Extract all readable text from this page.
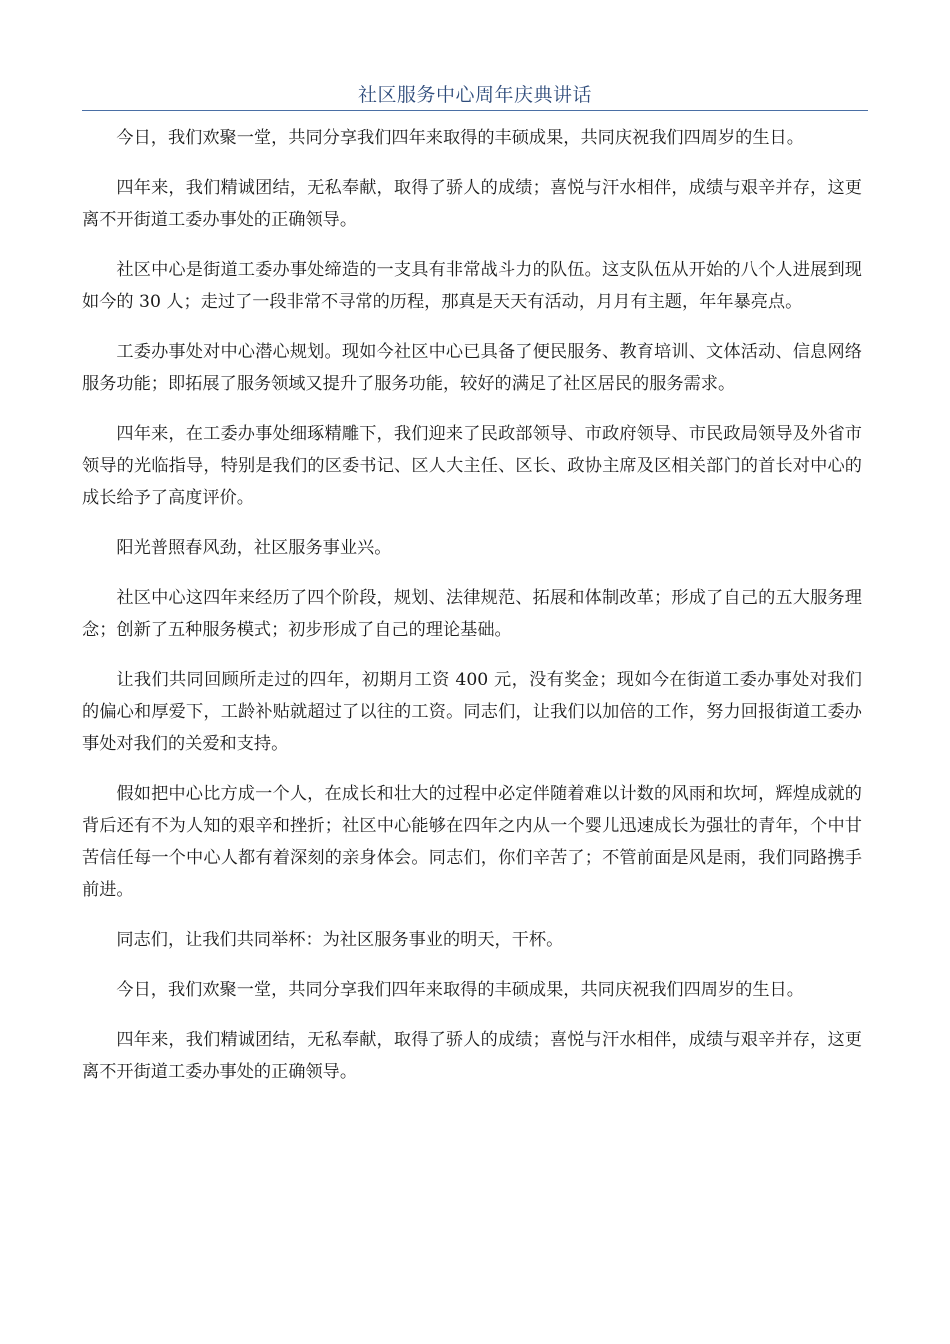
社区服务中心周年庆典讲话

今日，我们欢聚一堂，共同分享我们四年来取得的丰硕成果，共同庆祝我们四周岁的生日。

四年来，我们精诚团结，无私奉献，取得了骄人的成绩；喜悦与汗水相伴，成绩与艰辛并存，这更离不开街道工委办事处的正确领导。

社区中心是街道工委办事处缔造的一支具有非常战斗力的队伍。这支队伍从开始的八个人进展到现如今的 30 人；走过了一段非常不寻常的历程，那真是天天有活动，月月有主题，年年暴亮点。

工委办事处对中心潜心规划。现如今社区中心已具备了便民服务、教育培训、文体活动、信息网络服务功能；即拓展了服务领域又提升了服务功能，较好的满足了社区居民的服务需求。

四年来，在工委办事处细琢精雕下，我们迎来了民政部领导、市政府领导、市民政局领导及外省市领导的光临指导，特别是我们的区委书记、区人大主任、区长、政协主席及区相关部门的首长对中心的成长给予了高度评价。

阳光普照春风劲，社区服务事业兴。

社区中心这四年来经历了四个阶段，规划、法律规范、拓展和体制改革；形成了自己的五大服务理念；创新了五种服务模式；初步形成了自己的理论基础。

让我们共同回顾所走过的四年，初期月工资 400 元，没有奖金；现如今在街道工委办事处对我们的偏心和厚爱下，工龄补贴就超过了以往的工资。同志们，让我们以加倍的工作，努力回报街道工委办事处对我们的关爱和支持。

假如把中心比方成一个人，在成长和壮大的过程中必定伴随着难以计数的风雨和坎坷，辉煌成就的背后还有不为人知的艰辛和挫折；社区中心能够在四年之内从一个婴儿迅速成长为强壮的青年，个中甘苦信任每一个中心人都有着深刻的亲身体会。同志们，你们辛苦了；不管前面是风是雨，我们同路携手前进。

同志们，让我们共同举杯：为社区服务事业的明天，干杯。

今日，我们欢聚一堂，共同分享我们四年来取得的丰硕成果，共同庆祝我们四周岁的生日。

四年来，我们精诚团结，无私奉献，取得了骄人的成绩；喜悦与汗水相伴，成绩与艰辛并存，这更离不开街道工委办事处的正确领导。
